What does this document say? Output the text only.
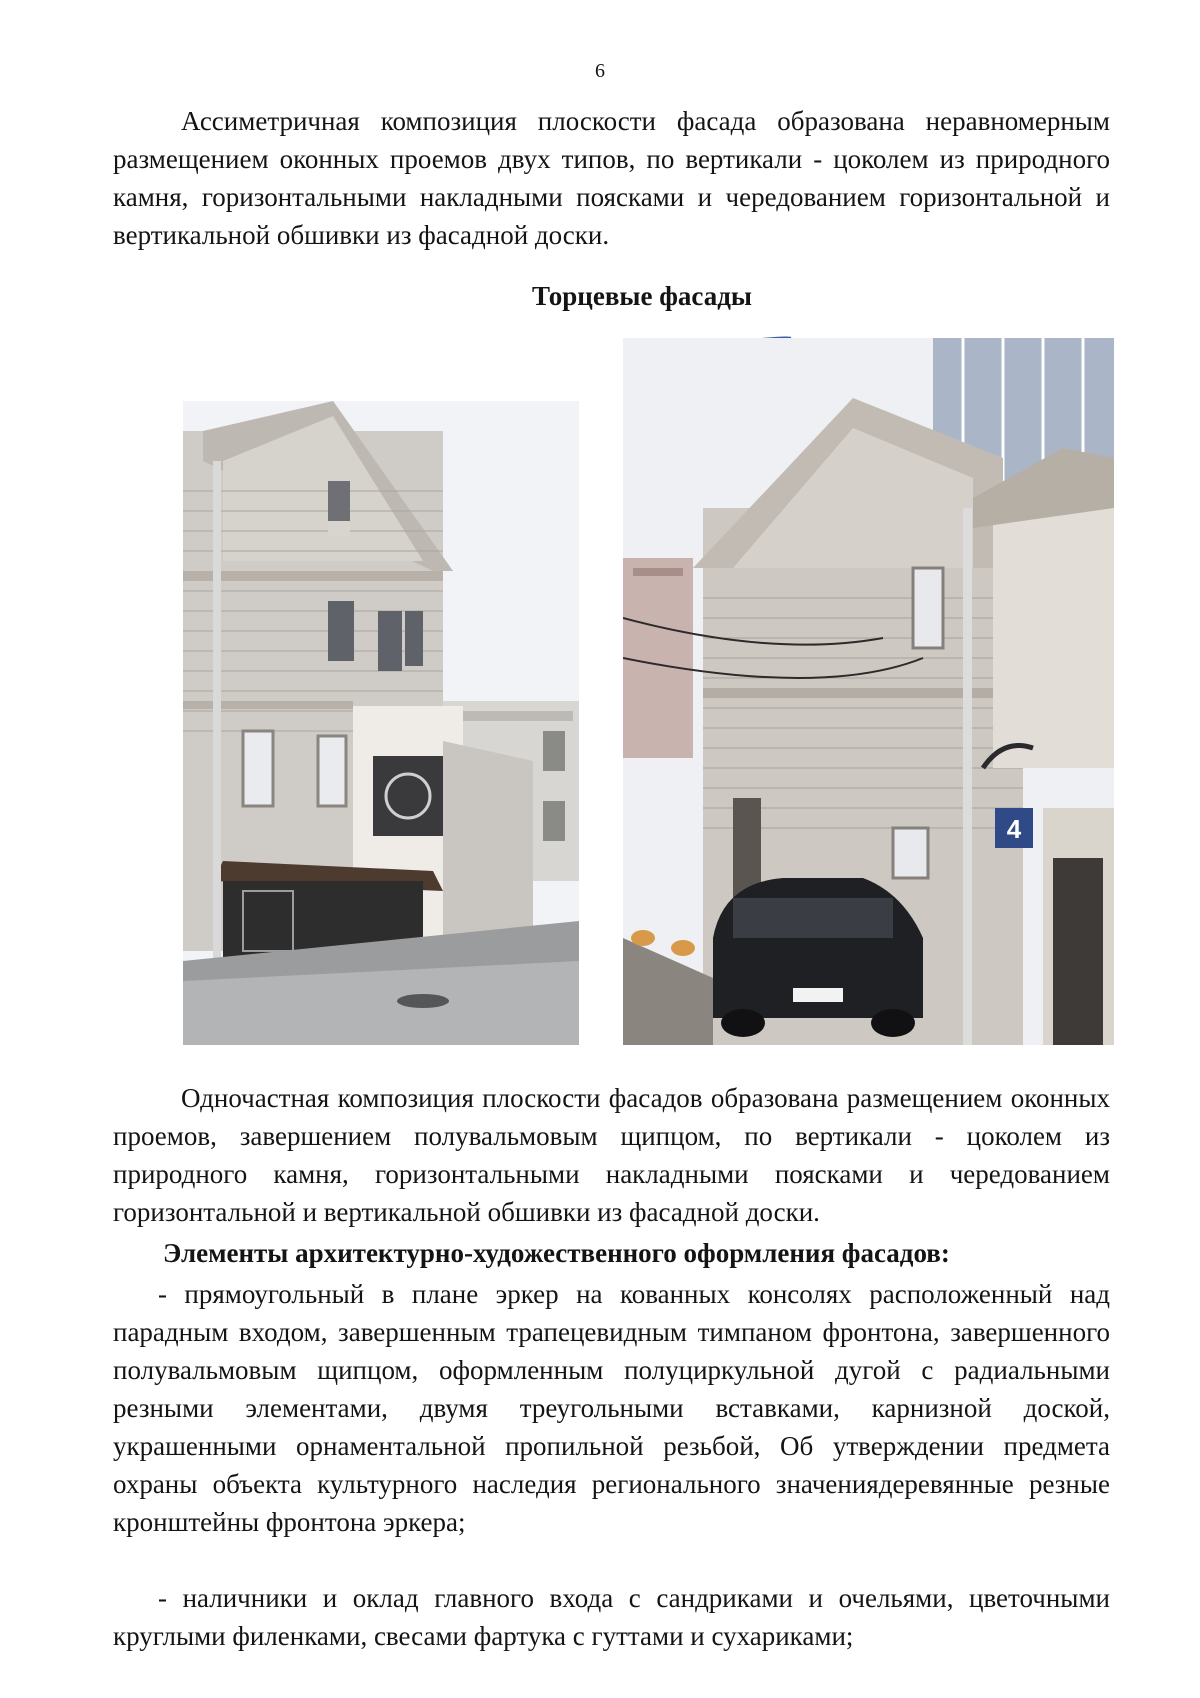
6

Ассиметричная композиция плоскости фасада образована неравномерным размещением оконных проемов двух типов, по вертикали - цоколем из природного камня, горизонтальными накладными поясками и чередованием горизонтальной и вертикальной обшивки из фасадной доски.

Торцевые фасады
4

Одночастная композиция плоскости фасадов образована размещением оконных проемов, завершением полувальмовым щипцом, по вертикали - цоколем из природного камня, горизонтальными накладными поясками и чередованием горизонтальной и вертикальной обшивки из фасадной доски.

Элементы архитектурно-художественного оформления фасадов:

- прямоугольный в плане эркер на кованных консолях расположенный над парадным входом, завершенным трапецевидным тимпаном фронтона, завершенного полувальмовым щипцом, оформленным полуциркульной дугой с радиальными резными элементами, двумя треугольными вставками, карнизной доской, украшенными орнаментальной пропильной резьбой, Об утверждении предмета охраны объекта культурного наследия регионального значениядеревянные резные кронштейны фронтона эркера;

- наличники и оклад главного входа с сандриками и очельями, цветочными круглыми филенками, свесами фартука с гуттами и сухариками;
